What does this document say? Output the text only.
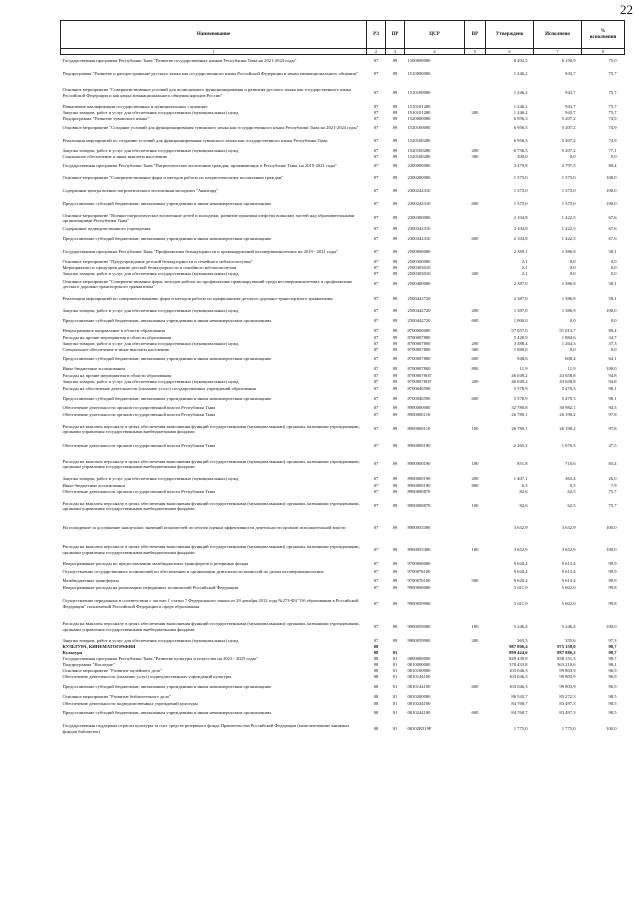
22
Наименование	РЗ	ПР	ЦСР	ВР	Утверждено	Исполнено	%
исполнения
1	2	3	4	5	6	7	8
Государственная программа Республики Тыва "Развитие государственных языков Республики Тыва на 2021-2024 годы"	07	09	1500000000		8 202,5	6 150,9	75,0
Подпрограмма "Развитие и распространение русского языка как государственного языка Российской Федерации и языка межнационального общения"	07	09	1510000000		1 246,2	943,7	75,7
Основное мероприятие "Совершенствование условий для полноценного функционирования и развития русского языка как государственного языка Российской Федерации и как языка межнационального общения народов России"	07	09	1510100000		1 246,2	943,7	75,7
Повышение квалификации государственных и муниципальных служащих	07	09	1510101280		1 246,2	943,7	75,7
Закупка товаров, работ и услуг для обеспечения государственных (муниципальных) нужд	07	09	1510101280	200	1 246,2	943,7	75,7
Подпрограмма "Развитие тувинского языка"	07	09	1520000000		6 956,3	5 207,2	74,9
Основное мероприятие "Создание условий для функционирования тувинского языка как государственного языка Республики Тыва на 2021-2024 годы"	07	09	1520100000		6 956,3	5 207,2	74,9
Реализация мероприятий по созданию условий для функционирования тувинского языка как государственного языка Республики Тыва	07	09	1520100280		6 956,3	5 207,2	74,9
Закупка товаров, работ и услуг для обеспечения государственных (муниципальных) нужд	07	09	1520100280	200	6 756,3	5 207,2	77,1
Социальное обеспечение и иные выплаты населению	07	09	1520100280	300	200,0	0,0	0,0
Государственная программа Республики Тыва "Патриотическое воспитание граждан, проживающих в Республике Тыва, на 2019-2021 годы"	07	09	2300000000		3 479,8	2 797,5	80,4
Основное мероприятие "Совершенствование форм и методов работы по патриотическому воспитанию граждан"	07	09	2300200000		1 375,0	1 375,0	100,0
Содержание центра военно-патриотического воспитания молодежи "Авангард"	07	09	2300242310		1 375,0	1 375,0	100,0
Предоставление субсидий бюджетным, автономным учреждениям и иным некоммерческим организациям	07	09	2300242310	600	1 375,0	1 375,0	100,0
Основное мероприятие "Военно-патриотическое воспитание детей и молодежи, развитие практики шефства воинских частей над образовательными организациями Республики Тыва"	07	09	2300300000		2 104,8	1 422,5	67,6
Содержание подведомственного учреждения	07	09	2300342310		2 104,8	1 422,5	67,6
Предоставление субсидий бюджетным, автономным учреждениям и иным некоммерческим организациям	07	09	2300342310	600	2 104,8	1 422,5	67,6
Государственная программа Республики Тыва "Профилактика безнадзорности и правонарушений несовершеннолетних на 2019 - 2021 годы"	07	09	2500000000		2 389,1	1 386,9	58,1
Основное мероприятие "Предупреждение детской безнадзорности и семейного неблагополучия"	07	09	2500300000		2,1	0,0	0,0
Мероприятия по предупреждению детской безнадзорности и семейного неблагополучия	07	09	2500303010		2,1	0,0	0,0
Закупка товаров, работ и услуг для обеспечения государственных (муниципальных) нужд	07	09	2500303010	200	2,1	0,0	0,0
Основное мероприятие "Совершенствование форм, методов работы по профилактике правонарушений среди несовершеннолетних и профилактике детского дорожно-транспортного травматизма"	07	09	2500400000		2 387,0	1 386,9	58,1
Реализация мероприятий по совершенствованию форм и методов работы по профилактике детского дорожно-транспортного травматизма	07	09	2500442720		2 387,0	1 386,9	58,1
Закупка товаров, работ и услуг для обеспечения государственных (муниципальных) нужд	07	09	2500442720	200	1 387,0	1 386,9	100,0
Предоставление субсидий бюджетным, автономным учреждениям и иным некоммерческим организациям	07	09	2500442720	600	1 000,0	0,0	0,0
Непрограммное направление в области образования	07	09	8700000000		57 057,0	51 013,7	89,4
Расходы на прочие мероприятия в области образования	07	09	8700007800		5 428,9	1 884,6	34,7
Закупка товаров, работ и услуг для обеспечения государственных (муниципальных) нужд	07	09	8700007800	200	3 388,4	1 264,3	37,3
Специальное обеспечение и иные выплаты населению	07	09	8700007800	300	1 080,0	0,0	0,0
Предоставление субсидий бюджетным, автономным учреждениям и иным некоммерческим организациям	07	09	8700007800	600	948,6	608,4	64,1
Иные бюджетные ассигнования	07	09	8700007800	800	11,9	11,9	100,0
Расходы на прочие мероприятия в области образования	07	09	87000078ОГ		46 049,2	43 658,8	94,8
Закупка товаров, работ и услуг для обеспечения государственных (муниципальных) нужд	07	09	87000078ОГ	200	46 049,2	43 658,8	94,8
Расходы на обеспечение деятельности (оказание услуг) государственных учреждений образования	07	09	8700040590		5 578,9	5 470,3	98,1
Предоставление субсидий бюджетным, автономным учреждениям и иным некоммерческим организациям	07	09	8700040590	600	5 578,9	5 470,3	98,1
Обеспечение деятельности органов государственной власти Республики Тыва	07	09	8900000000		32 780,8	30 982,1	94,5
Обеспечение деятельности органов государственной власти Республики Тыва	07	09	8900000110		26 780,1	26 190,2	97,8
Расходы на выплаты персоналу в целях обеспечения выполнения функций государственными (муниципальными) органами, казенными учреждениями, органами управления государственными внебюджетными фондами	07	09	8900000110	100	26 780,1	26 190,2	97,8
Обеспечение деятельности органов государственной власти Республики Тыва	07	09	8900000190		2 265,2	1 076,5	47,5
Расходы на выплаты персоналу в целях обеспечения выполнения функций государственными (муниципальными) органами, казенными учреждениями, органами управления государственными внебюджетными фондами	07	09	8900000190	100	851,8	710,6	83,4
Закупка товаров, работ и услуг для обеспечения государственных (муниципальных) нужд	07	09	8900000190	200	1 407,1	365,4	26,0
Иные бюджетные ассигнования	07	09	8900000190	800	6,3	0,5	7,9
Обеспечение деятельности органов государственной власти Республики Тыва	07	09	8900000870		82,6	62,5	75,7
Расходы на выплаты персоналу в целях обеспечения выполнения функций государственными (муниципальными) органами, казенными учреждениями, органами управления государственными внебюджетными фондами	07	09	8900000870	100	82,6	62,5	75,7
На поощрение за достижение наилучших значений показателей по итогам оценки эффективности деятельности органов исполнительной власти	07	09	8900055490		3 652,9	3 652,9	100,0
Расходы на выплаты персоналу в целях обеспечения выполнения функций государственными (муниципальными) органами, казенными учреждениями, органами управления государственными внебюджетными фондами	07	09	8900055490	100	3 652,9	3 652,9	100,0
Непрограммные расходы по предоставлению межбюджетных трансфертов и резервные фонды	07	09	9700000000		9 620,4	9 613,4	99,9
Осуществление государственных полномочий по обеспечению и организации деятельности комиссий по делам несовершеннолетних	07	09	9700076100		9 620,4	9 613,4	99,9
Межбюджетные трансферты	07	09	9700076100	500	9 620,4	9 613,4	99,9
Непрограммные расходы на реализацию переданных полномочий Российской Федерации	07	09	9900000000		5 611,9	5 602,0	99,8
Осуществление переданных в соответствии с частью 1 статьи 7 Федерального закона от 29 декабря 2012 года №273-ФЗ "Об образовании в Российской Федерации" полномочий Российской Федерации в сфере образования	07	09	9900059900		5 611,9	5 602,0	99,8
Расходы на выплаты персоналу в целях обеспечения выполнения функций государственными (муниципальными) органами, казенными учреждениями, органами управления государственными внебюджетными фондами	07	09	9900059900	100	5 246,4	5 246,4	100,0
Закупка товаров, работ и услуг для обеспечения государственных (муниципальных) нужд	07	09	9900059900	200	365,5	355,6	97,3
КУЛЬТУРА, КИНЕМАТОГРАФИЯ	08				987 806,4	975 158,0	98,7
Культура	08	01			899 424,6	887 886,2	98,7
Государственная программа Республики Тыва "Развитие культуры и искусства на 2021 - 2025 годы"	08	01	0800000000		849 439,9	838 151,3	98,7
Подпрограмма "Наследие"	08	01	0810000000		370 433,8	363 210,6	98,1
Основное мероприятие "Развитие музейного дела"	08	01	0810100000		103 046,3	99 803,9	96,9
Обеспечение деятельности (оказание услуг) подведомственных учреждений культуры	08	01	0810144100		103 046,3	99 803,9	96,9
Предоставление субсидий бюджетным, автономным учреждениям и иным некоммерческим организациям	08	01	0810144100	600	103 046,3	99 803,9	96,9
Основное мероприятие "Развитие библиотечного дела"	08	01	0810200000		86 543,7	85 272,3	98,5
Обеспечение деятельности подведомственных учреждений культуры	08	01	0810244100		84 768,7	83 497,3	98,5
Предоставление субсидий бюджетным, автономным учреждениям и иным некоммерческим организациям	08	01	0810244100	600	84 768,7	83 497,3	98,5
Государственная поддержка отрасли культуры за счет средств резервного фонда Правительства Российской Федерации (комплектование книжных фондов библиотек)	08	01	08102R519F		1 775,0	1 775,0	100,0
